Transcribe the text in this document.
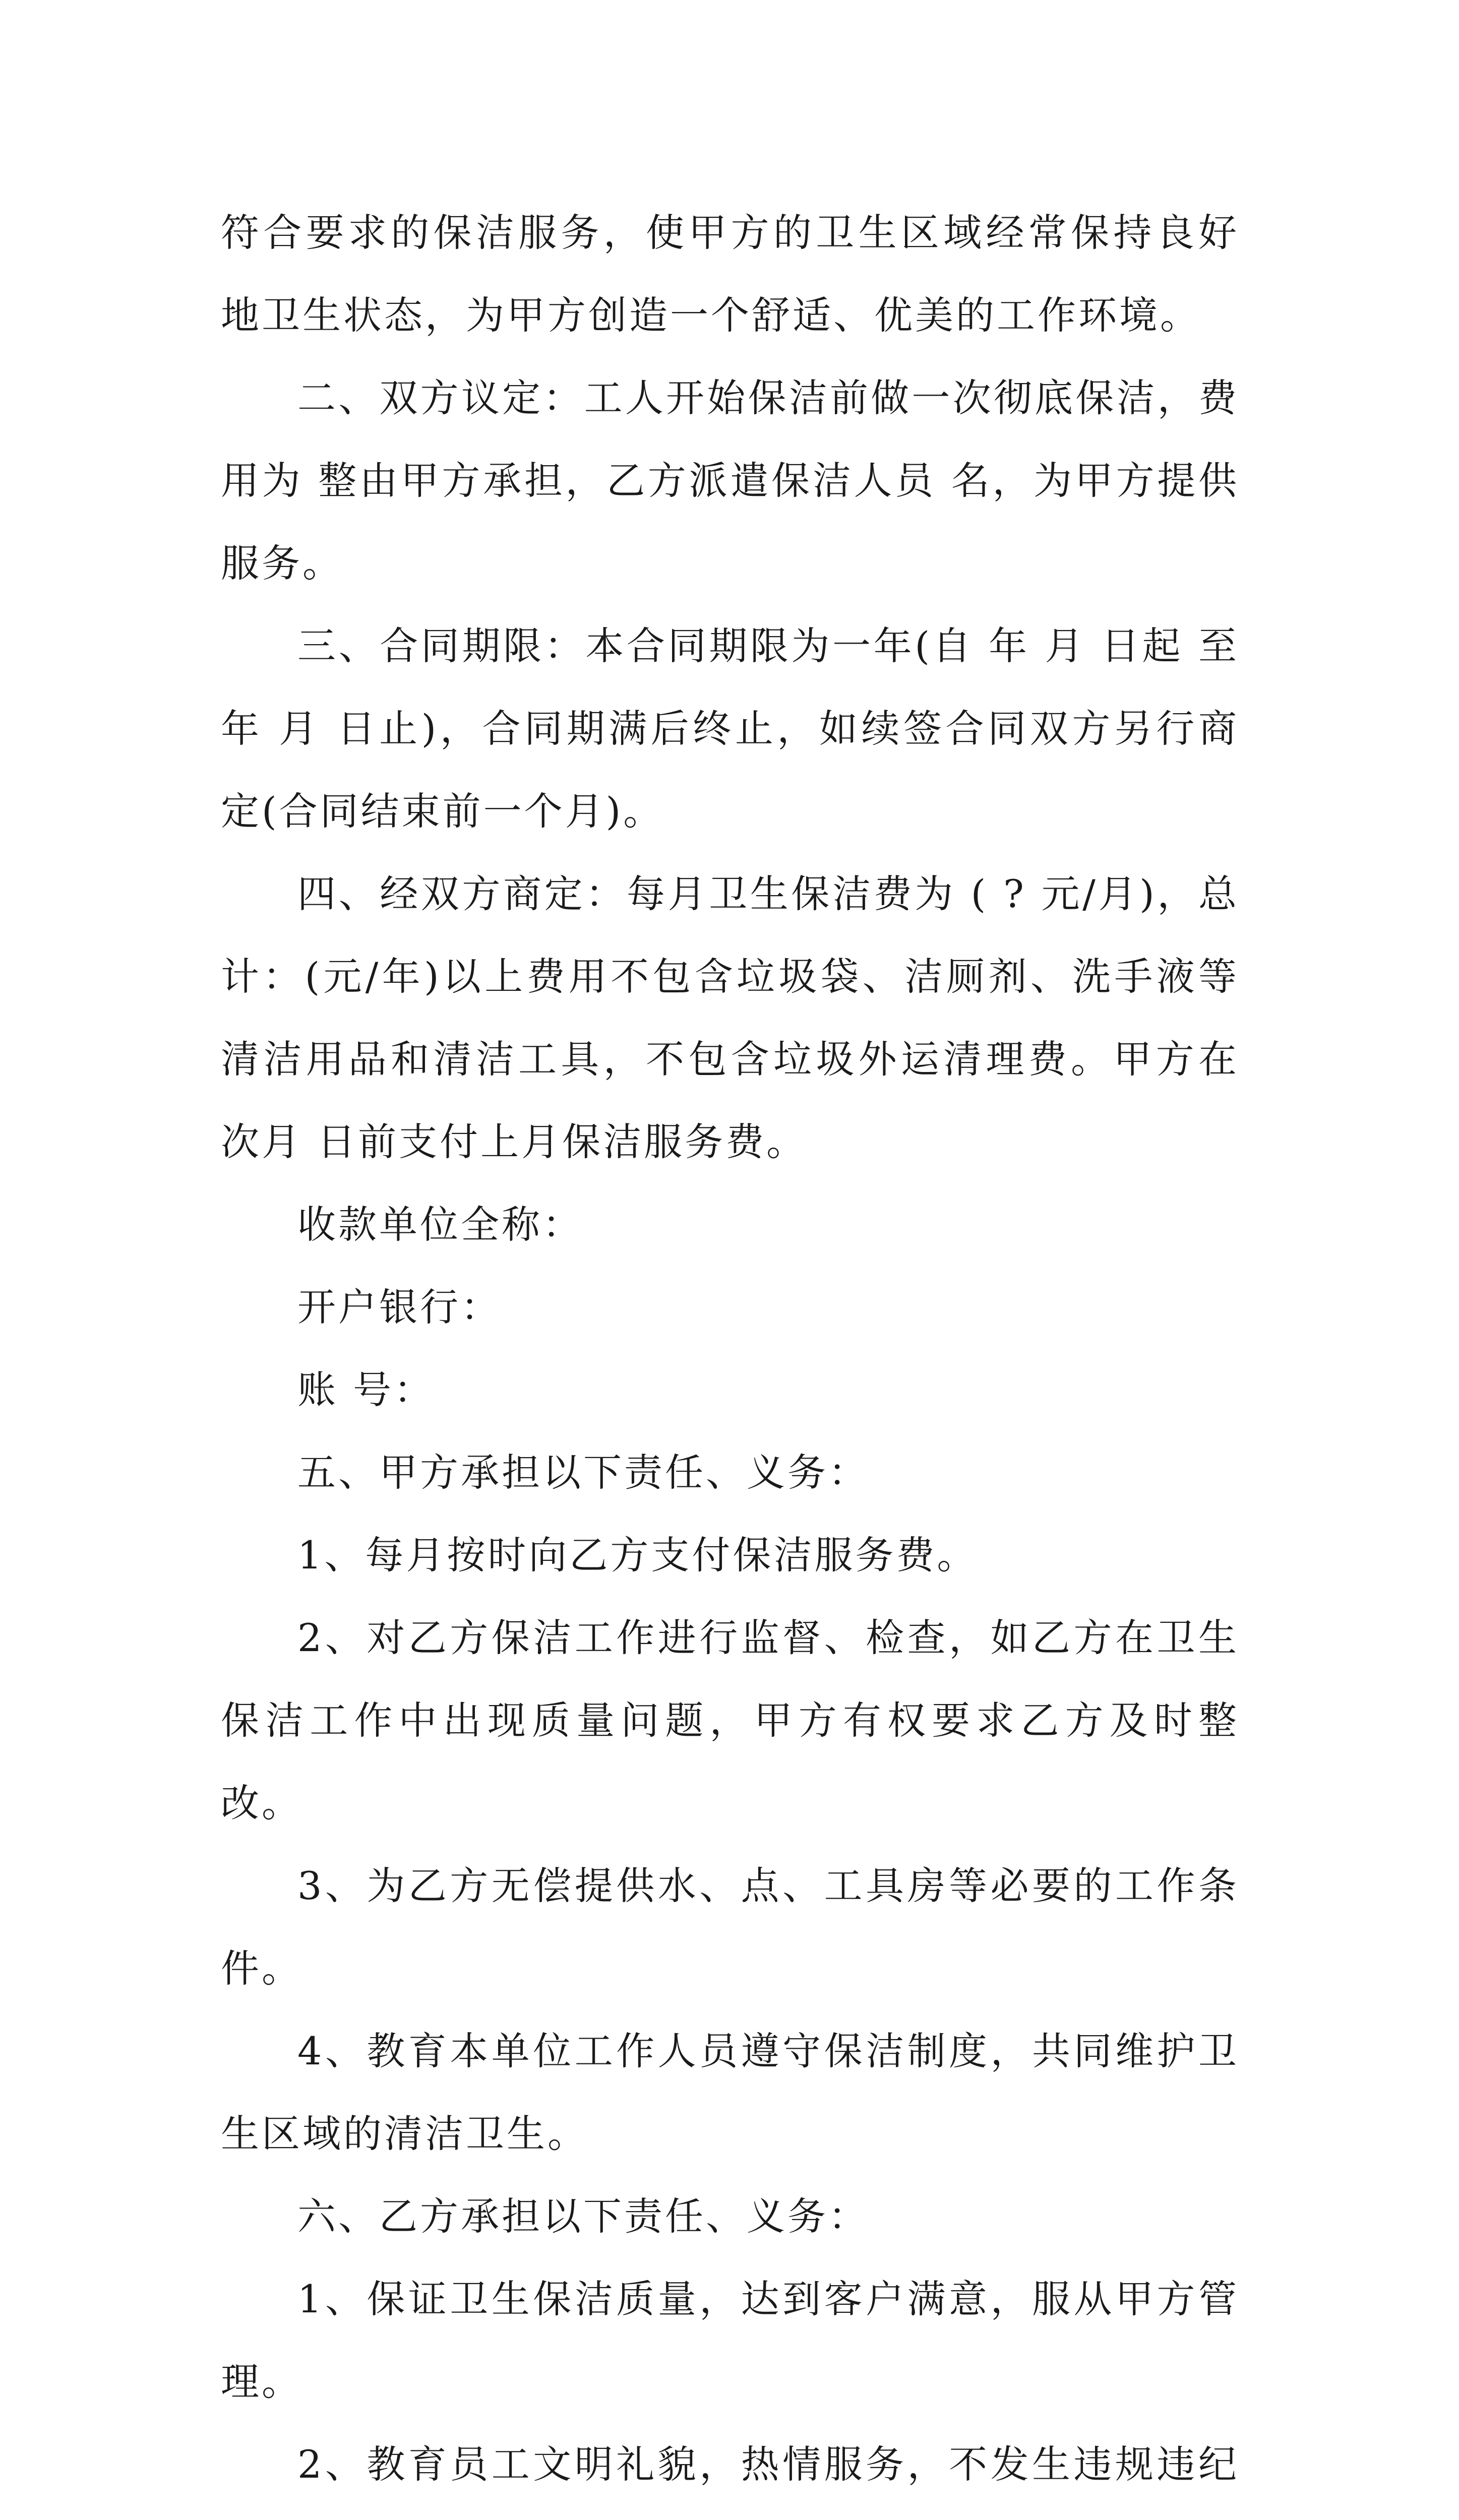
符合要求的保洁服务，使甲方的卫生区域经常保持良好地卫生状态，为甲方创造一个舒适、优美的工作环境。

二、双方议定：工人开始保洁前做一次彻底保洁，费用为 整由甲方承担，乙方派遣保洁人员 名，为甲方提供服务。

三、合同期限：本合同期限为一年(自 年 月 日起 至 年 月 日止)，合同期满后终止，如续签合同双方另行商定(合同结束前一个月)。

四、经双方商定：每月卫生保洁费为 ( ? 元/月)，总计：(元/年)以上费用不包含垃圾袋、洁厕剂、洗手液等清洁用品和清洁工具，不包含垃圾外运清理费。甲方在次月 日前支付上月保洁服务费。

收款单位全称：

开户银行：

账 号：

五、甲方承担以下责任、义务：

1、每月按时向乙方支付保洁服务费。

2、对乙方保洁工作进行监督、检查，如乙方在卫生保洁工作中出现质量问题，甲方有权要求乙方及时整改。

3、为乙方无偿提供水、点、工具房等必要的工作条件。

4、教育本单位工作人员遵守保洁制度，共同维护卫生区域的清洁卫生。

六、乙方承担以下责任、义务：

1、保证卫生保洁质量，达到客户满意，服从甲方管理。

2、教育员工文明礼貌，热情服务，不发生违规违纪
